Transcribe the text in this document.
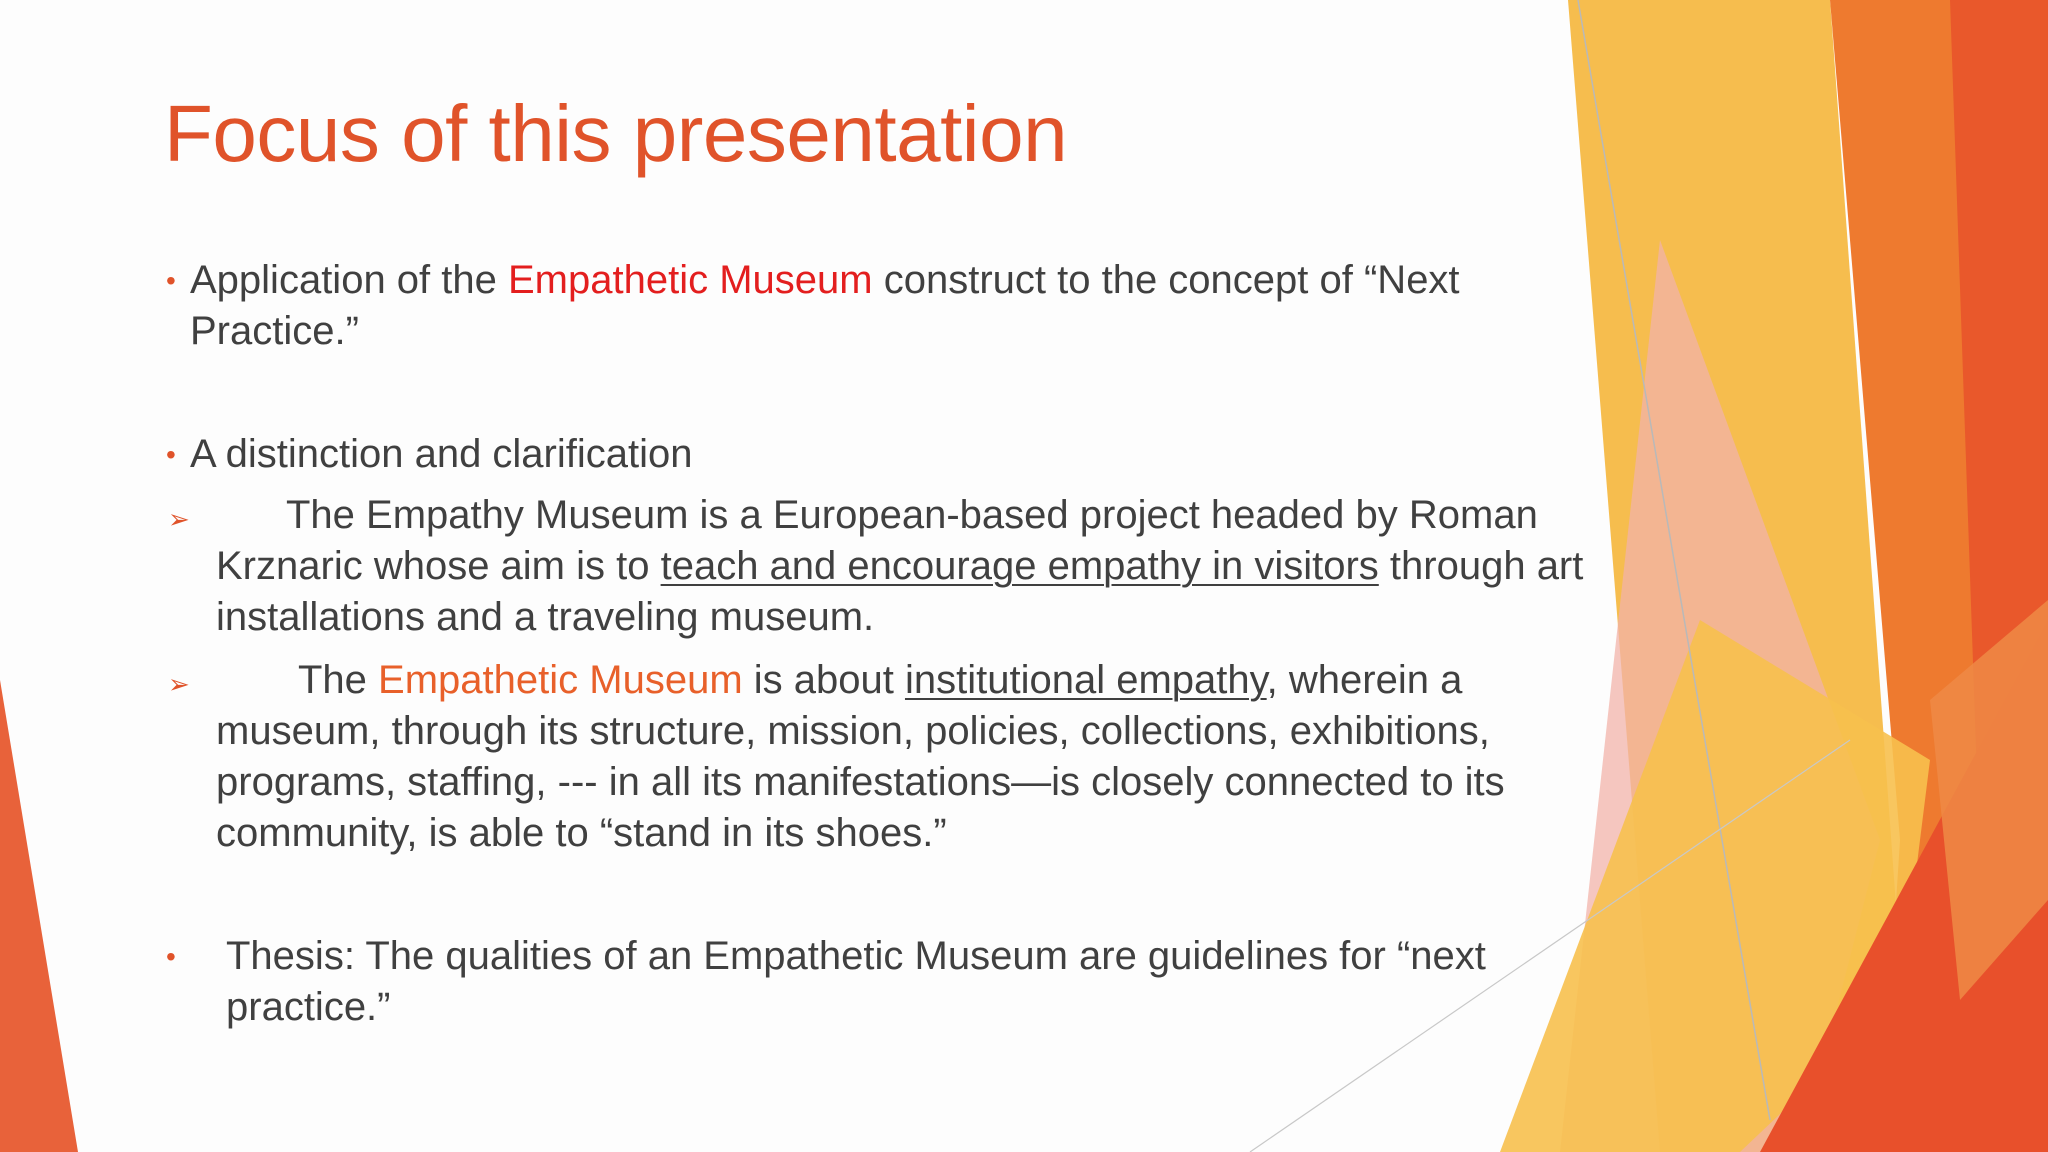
Focus of this presentation
• Application of the Empathetic Museum construct to the concept of “Next Practice.”
• A distinction and clarification
➢ The Empathy Museum is a European-based project headed by Roman Krznaric whose aim is to teach and encourage empathy in visitors through art installations and a traveling museum.
➢	The Empathetic Museum is about institutional empathy, wherein a museum, through its structure, mission, policies, collections, exhibitions, programs, staffing, --- in all its manifestations—is closely connected to its community, is able to “stand in its shoes.”
• Thesis: The qualities of an Empathetic Museum are guidelines for “next practice.”
